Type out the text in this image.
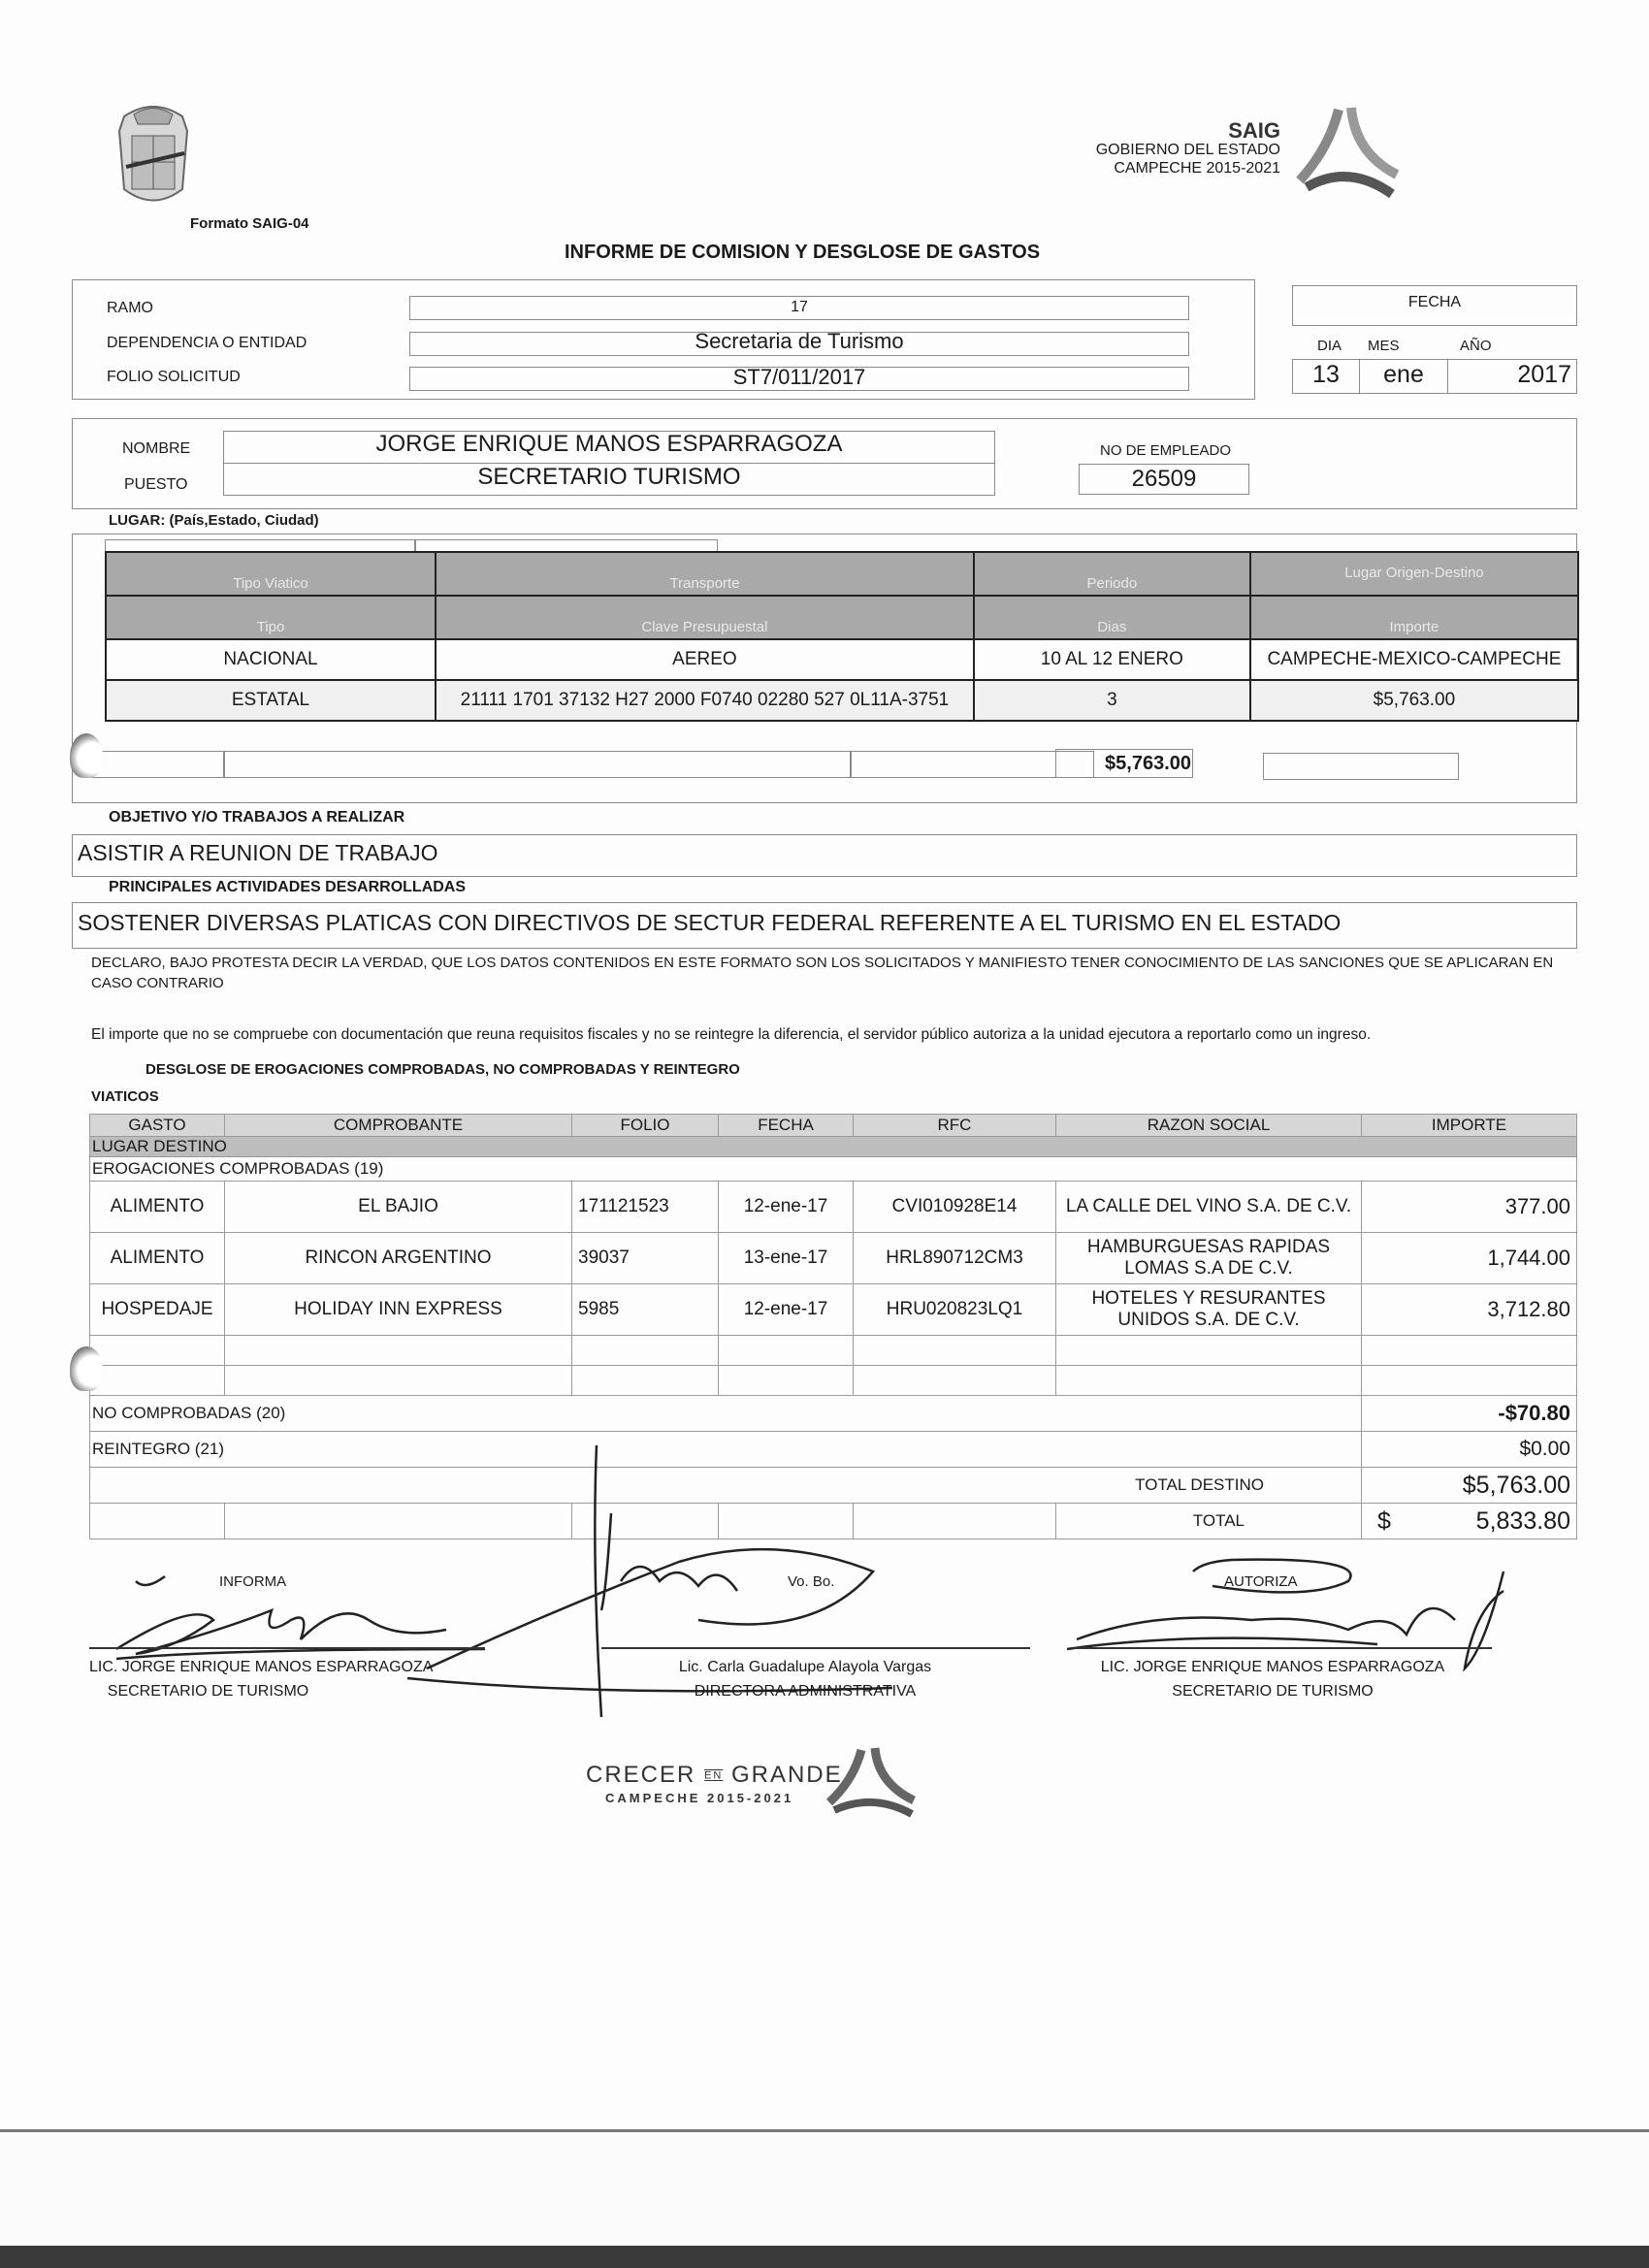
Formato SAIG-04
SAIG
GOBIERNO DEL ESTADO
CAMPECHE 2015-2021
INFORME DE COMISION Y DESGLOSE DE GASTOS
RAMO	17
DEPENDENCIA O ENTIDAD	Secretaria de Turismo
FOLIO SOLICITUD	ST7/011/2017
FECHA
DIA MES	AÑO
13	ene	2017
NOMBRE	JORGE ENRIQUE MANOS ESPARRAGOZA
PUESTO	SECRETARIO TURISMO
NO DE EMPLEADO
26509
LUGAR: (País,Estado, Ciudad)
Tipo Viatico	Transporte	Periodo	Lugar Origen-Destino
Tipo	Clave Presupuestal	Dias	Importe
NACIONAL	AEREO	10 AL 12 ENERO	CAMPECHE-MEXICO-CAMPECHE
ESTATAL	21111 1701 37132 H27 2000 F0740 02280 527 0L11A-3751	3	$5,763.00
$5,763.00
OBJETIVO Y/O TRABAJOS A REALIZAR
ASISTIR A REUNION DE TRABAJO
PRINCIPALES ACTIVIDADES DESARROLLADAS
SOSTENER DIVERSAS PLATICAS CON DIRECTIVOS DE SECTUR FEDERAL REFERENTE A EL TURISMO EN EL ESTADO
DECLARO, BAJO PROTESTA DECIR LA VERDAD, QUE LOS DATOS CONTENIDOS EN ESTE FORMATO SON LOS SOLICITADOS Y MANIFIESTO TENER CONOCIMIENTO DE LAS SANCIONES QUE SE APLICARAN EN CASO CONTRARIO
El importe que no se compruebe con documentación que reuna requisitos fiscales y no se reintegre la diferencia, el servidor público autoriza a la unidad ejecutora a reportarlo como un ingreso.
DESGLOSE DE EROGACIONES COMPROBADAS, NO COMPROBADAS Y REINTEGRO
VIATICOS
GASTO	COMPROBANTE	FOLIO	FECHA	RFC	RAZON SOCIAL	IMPORTE
LUGAR DESTINO						
EROGACIONES COMPROBADAS (19)						
ALIMENTO	EL BAJIO	171121523	12-ene-17	CVI010928E14	LA CALLE DEL VINO S.A. DE C.V.	377.00
ALIMENTO	RINCON ARGENTINO	39037	13-ene-17	HRL890712CM3	HAMBURGUESAS RAPIDAS LOMAS S.A DE C.V.	1,744.00
HOSPEDAJE	HOLIDAY INN EXPRESS	5985	12-ene-17	HRU020823LQ1	HOTELES Y RESURANTES UNIDOS S.A. DE C.V.	3,712.80

NO COMPROBADAS (20)						-$70.80
REINTEGRO (21)						$0.00
TOTAL DESTINO						$5,763.00
					TOTAL	$ 5,833.80
INFORMA	Vo. Bo.	AUTORIZA
LIC. JORGE ENRIQUE MANOS ESPARRAGOZA
SECRETARIO DE TURISMO
Lic. Carla Guadalupe Alayola Vargas
DIRECTORA ADMINISTRATIVA
LIC. JORGE ENRIQUE MANOS ESPARRAGOZA
SECRETARIO DE TURISMO
CRECER EN GRANDE
CAMPECHE 2015-2021
